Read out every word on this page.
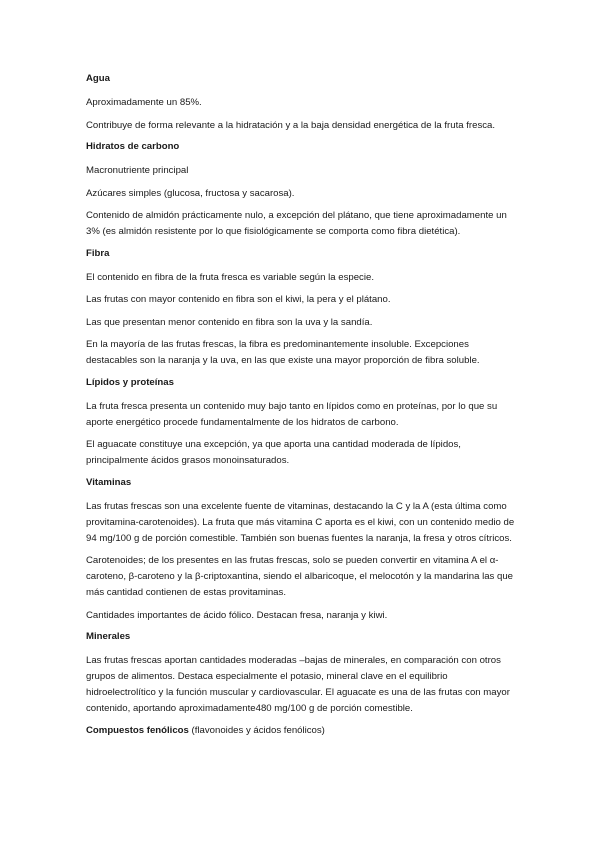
Agua

Aproximadamente un 85%.

Contribuye de forma relevante a la hidratación y a la baja densidad energética de la fruta fresca.

Hidratos de carbono

Macronutriente principal

Azúcares simples (glucosa, fructosa y sacarosa).

Contenido de almidón prácticamente nulo, a excepción del plátano, que tiene aproximadamente un 3% (es almidón resistente por lo que fisiológicamente se comporta como fibra dietética).

Fibra

El contenido en fibra de la fruta fresca es variable según la especie.

Las frutas con mayor contenido en fibra son el kiwi, la pera y el plátano.

Las que presentan menor contenido en fibra son la uva y la sandía.

En la mayoría de las frutas frescas, la fibra es predominantemente insoluble. Excepciones destacables son la naranja y la uva, en las que existe una mayor proporción de fibra soluble.

Lípidos y proteínas

La fruta fresca presenta un contenido muy bajo tanto en lípidos como en proteínas, por lo que su aporte energético procede fundamentalmente de los hidratos de carbono.

El aguacate constituye una excepción, ya que aporta una cantidad moderada de lípidos, principalmente ácidos grasos monoinsaturados.

Vitaminas

Las frutas frescas son una excelente fuente de vitaminas, destacando la C y la A (esta última como provitamina-carotenoides). La fruta que más vitamina C aporta es el kiwi, con un contenido medio de 94 mg/100 g de porción comestible. También son buenas fuentes la naranja, la fresa y otros cítricos.

Carotenoides; de los presentes en las frutas frescas, solo se pueden convertir en vitamina A el α-caroteno, β-caroteno y la β-criptoxantina, siendo el albaricoque, el melocotón y la mandarina las que más cantidad contienen de estas provitaminas.

Cantidades importantes de ácido fólico. Destacan fresa, naranja y kiwi.

Minerales

Las frutas frescas aportan cantidades moderadas –bajas de minerales, en comparación con otros grupos de alimentos. Destaca especialmente el potasio, mineral clave en el equilibrio hidroelectrolítico y la función muscular y cardiovascular. El aguacate es una de las frutas con mayor contenido, aportando aproximadamente480 mg/100 g de porción comestible.

Compuestos fenólicos (flavonoides y ácidos fenólicos)
